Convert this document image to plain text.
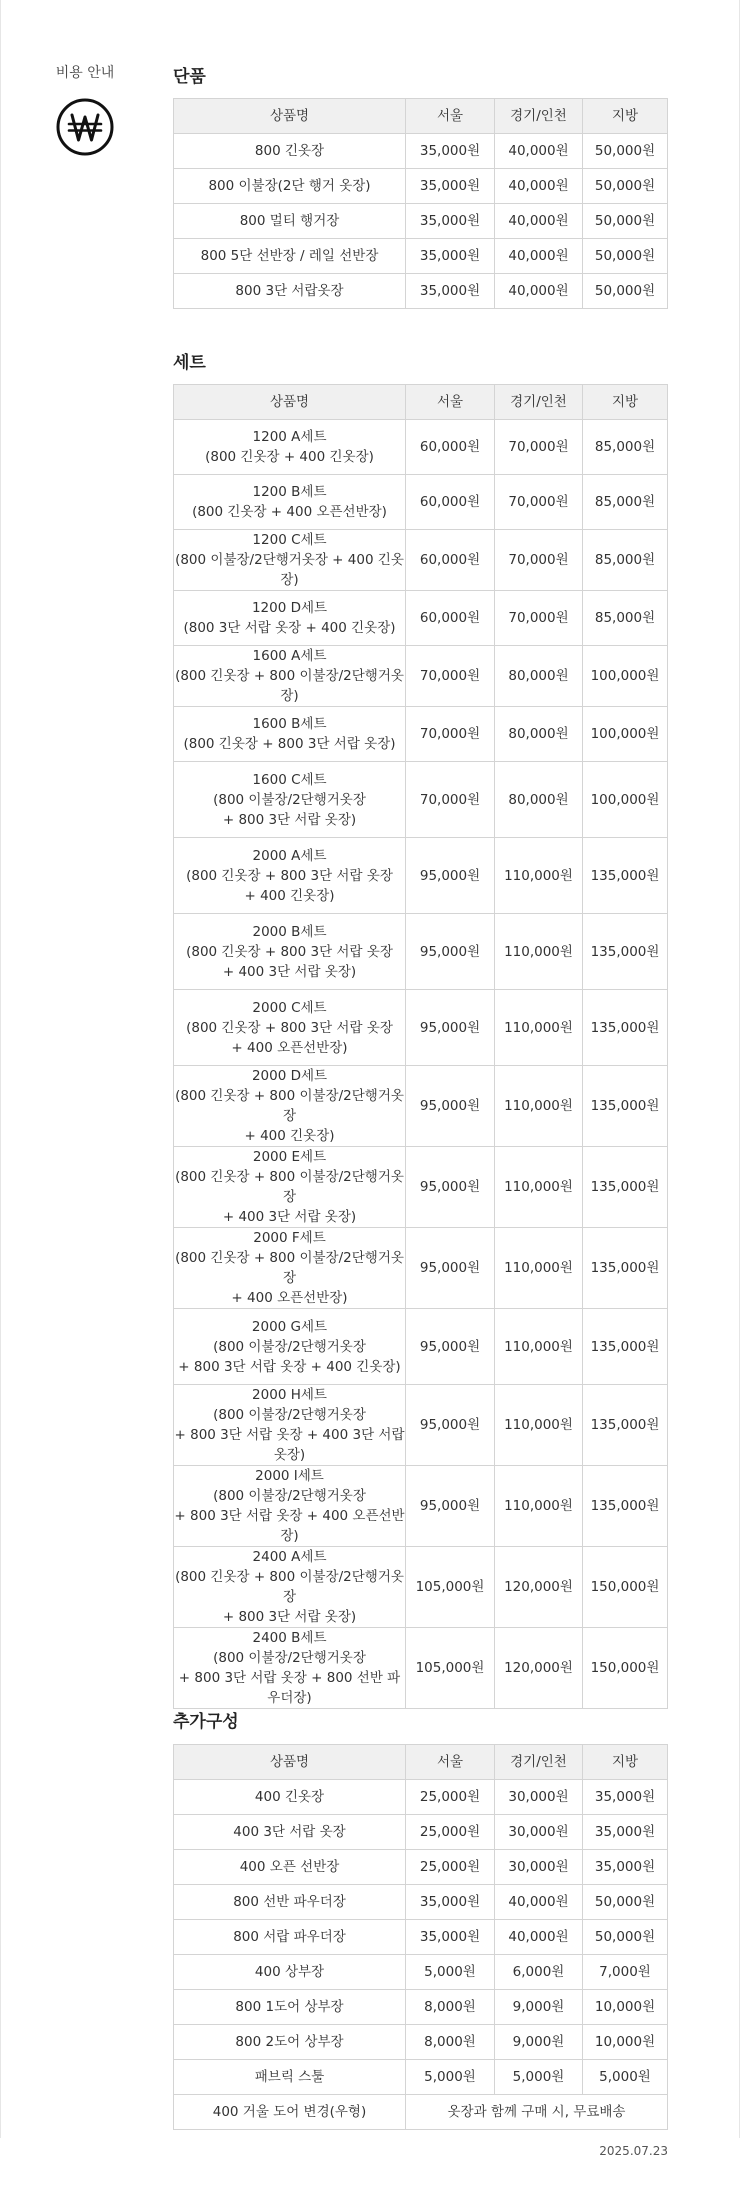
비용 안내	단품
상품명	서울	경기/인천	지방

800 긴옷장	35,000원	40,000원	50,000원

800 이불장(2단 행거 옷장)	35,000원	40,000원	50,000원

800 멀티 행거장	35,000원	40,000원	50,000원

800 5단 선반장 / 레일 선반장	35,000원	40,000원	50,000원

800 3단 서랍옷장	35,000원	40,000원	50,000원
세트
상품명	서울	경기/인천	지방

1200 A세트
(800 긴옷장 + 400 긴옷장)	60,000원	70,000원	85,000원

1200 B세트
(800 긴옷장 + 400 오픈선반장)	60,000원	70,000원	85,000원

1200 C세트
(800 이불장/2단행거옷장 + 400 긴옷장)	60,000원	70,000원	85,000원

1200 D세트
(800 3단 서랍 옷장 + 400 긴옷장)	60,000원	70,000원	85,000원

1600 A세트
(800 긴옷장 + 800 이불장/2단행거옷장)	70,000원	80,000원	100,000원

1600 B세트
(800 긴옷장 + 800 3단 서랍 옷장)	70,000원	80,000원	100,000원

1600 C세트
(800 이불장/2단행거옷장
+ 800 3단 서랍 옷장)	70,000원	80,000원	100,000원

2000 A세트
(800 긴옷장 + 800 3단 서랍 옷장
+ 400 긴옷장)	95,000원	110,000원	135,000원

2000 B세트
(800 긴옷장 + 800 3단 서랍 옷장
+ 400 3단 서랍 옷장)	95,000원	110,000원	135,000원

2000 C세트
(800 긴옷장 + 800 3단 서랍 옷장
+ 400 오픈선반장)	95,000원	110,000원	135,000원

2000 D세트
(800 긴옷장 + 800 이불장/2단행거옷장
+ 400 긴옷장)	95,000원	110,000원	135,000원

2000 E세트
(800 긴옷장 + 800 이불장/2단행거옷장
+ 400 3단 서랍 옷장)	95,000원	110,000원	135,000원

2000 F세트
(800 긴옷장 + 800 이불장/2단행거옷장
+ 400 오픈선반장)	95,000원	110,000원	135,000원

2000 G세트
(800 이불장/2단행거옷장
+ 800 3단 서랍 옷장 + 400 긴옷장)	95,000원	110,000원	135,000원

2000 H세트
(800 이불장/2단행거옷장
+ 800 3단 서랍 옷장 + 400 3단 서랍 옷장)	95,000원	110,000원	135,000원

2000 I세트
(800 이불장/2단행거옷장
+ 800 3단 서랍 옷장 + 400 오픈선반장)	95,000원	110,000원	135,000원

2400 A세트
(800 긴옷장 + 800 이불장/2단행거옷장
+ 800 3단 서랍 옷장)	105,000원	120,000원	150,000원

2400 B세트
(800 이불장/2단행거옷장
+ 800 3단 서랍 옷장 + 800 선반 파우더장)	105,000원	120,000원	150,000원
추가구성
상품명	서울	경기/인천	지방

400 긴옷장	25,000원	30,000원	35,000원

400 3단 서랍 옷장	25,000원	30,000원	35,000원

400 오픈 선반장	25,000원	30,000원	35,000원

800 선반 파우더장	35,000원	40,000원	50,000원

800 서랍 파우더장	35,000원	40,000원	50,000원

400 상부장	5,000원	6,000원	7,000원

800 1도어 상부장	8,000원	9,000원	10,000원

800 2도어 상부장	8,000원	9,000원	10,000원

패브릭 스툴	5,000원	5,000원	5,000원
400 거울 도어 변경(우형)	옷장과 함께 구매 시, 무료배송		
2025.07.23
